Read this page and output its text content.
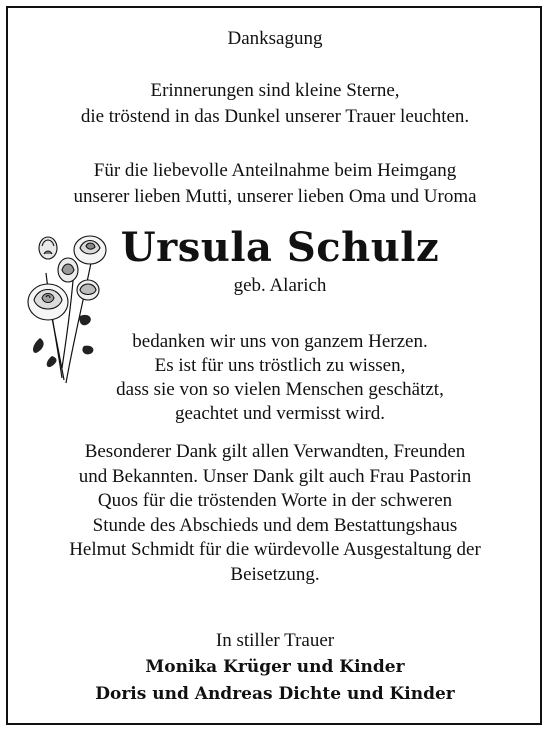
Danksagung
Erinnerungen sind kleine Sterne,
die tröstend in das Dunkel unserer Trauer leuchten.
Für die liebevolle Anteilnahme beim Heimgang
unserer lieben Mutti, unserer lieben Oma und Uroma
Ursula Schulz
geb. Alarich
bedanken wir uns von ganzem Herzen.
Es ist für uns tröstlich zu wissen,
dass sie von so vielen Menschen geschätzt,
geachtet und vermisst wird.
Besonderer Dank gilt allen Verwandten, Freunden
und Bekannten. Unser Dank gilt auch Frau Pastorin
Quos für die tröstenden Worte in der schweren
Stunde des Abschieds und dem Bestattungshaus
Helmut Schmidt für die würdevolle Ausgestaltung der
Beisetzung.
In stiller Trauer
Monika Krüger und Kinder
Doris und Andreas Dichte und Kinder
